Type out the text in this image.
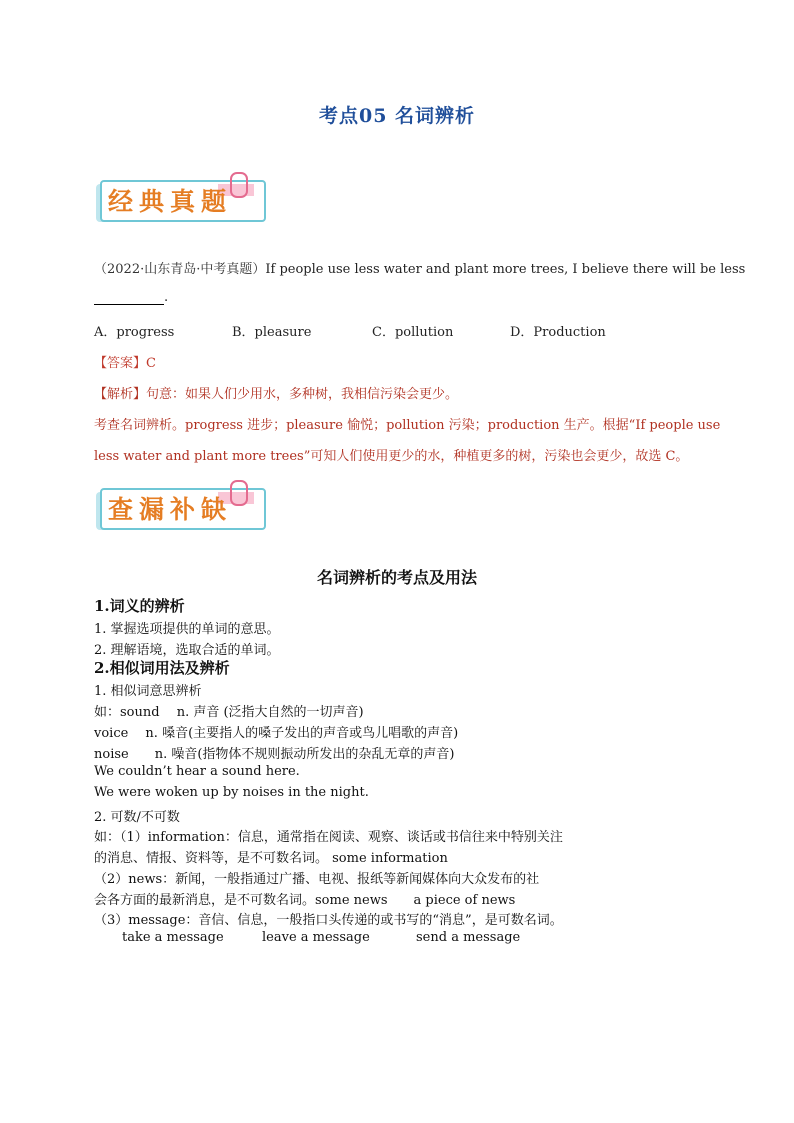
考点05 名词辨析
经典真题
（2022·山东青岛·中考真题）If people use less water and plant more trees, I believe there will be less
.
A．progress	B．pleasure	C．pollution	D．Production
【答案】C
【解析】句意：如果人们少用水，多种树，我相信污染会更少。
考查名词辨析。progress 进步；pleasure 愉悦；pollution 污染；production 生产。根据“If people use
less water and plant more trees”可知人们使用更少的水，种植更多的树，污染也会更少，故选 C。
查漏补缺
名词辨析的考点及用法
1.词义的辨析
1. 掌握选项提供的单词的意思。
2. 理解语境，选取合适的单词。
2.相似词用法及辨析
1. 相似词意思辨析
如：sound　 n. 声音 (泛指大自然的一切声音)
voice　 n. 嗓音(主要指人的嗓子发出的声音或鸟儿唱歌的声音)
noise　　n. 噪音(指物体不规则振动所发出的杂乱无章的声音)
We couldn’t hear a sound here.
We were woken up by noises in the night.
2. 可数/不可数
如：（1）information：信息，通常指在阅读、观察、谈话或书信往来中特别关注
的消息、情报、资料等，是不可数名词。 some information
（2）news：新闻，一般指通过广播、电视、报纸等新闻媒体向大众发布的社
会各方面的最新消息，是不可数名词。some news　　a piece of news
（3）message：音信、信息，一般指口头传递的或书写的“消息”，是可数名词。
take a message	leave a message	send a message
